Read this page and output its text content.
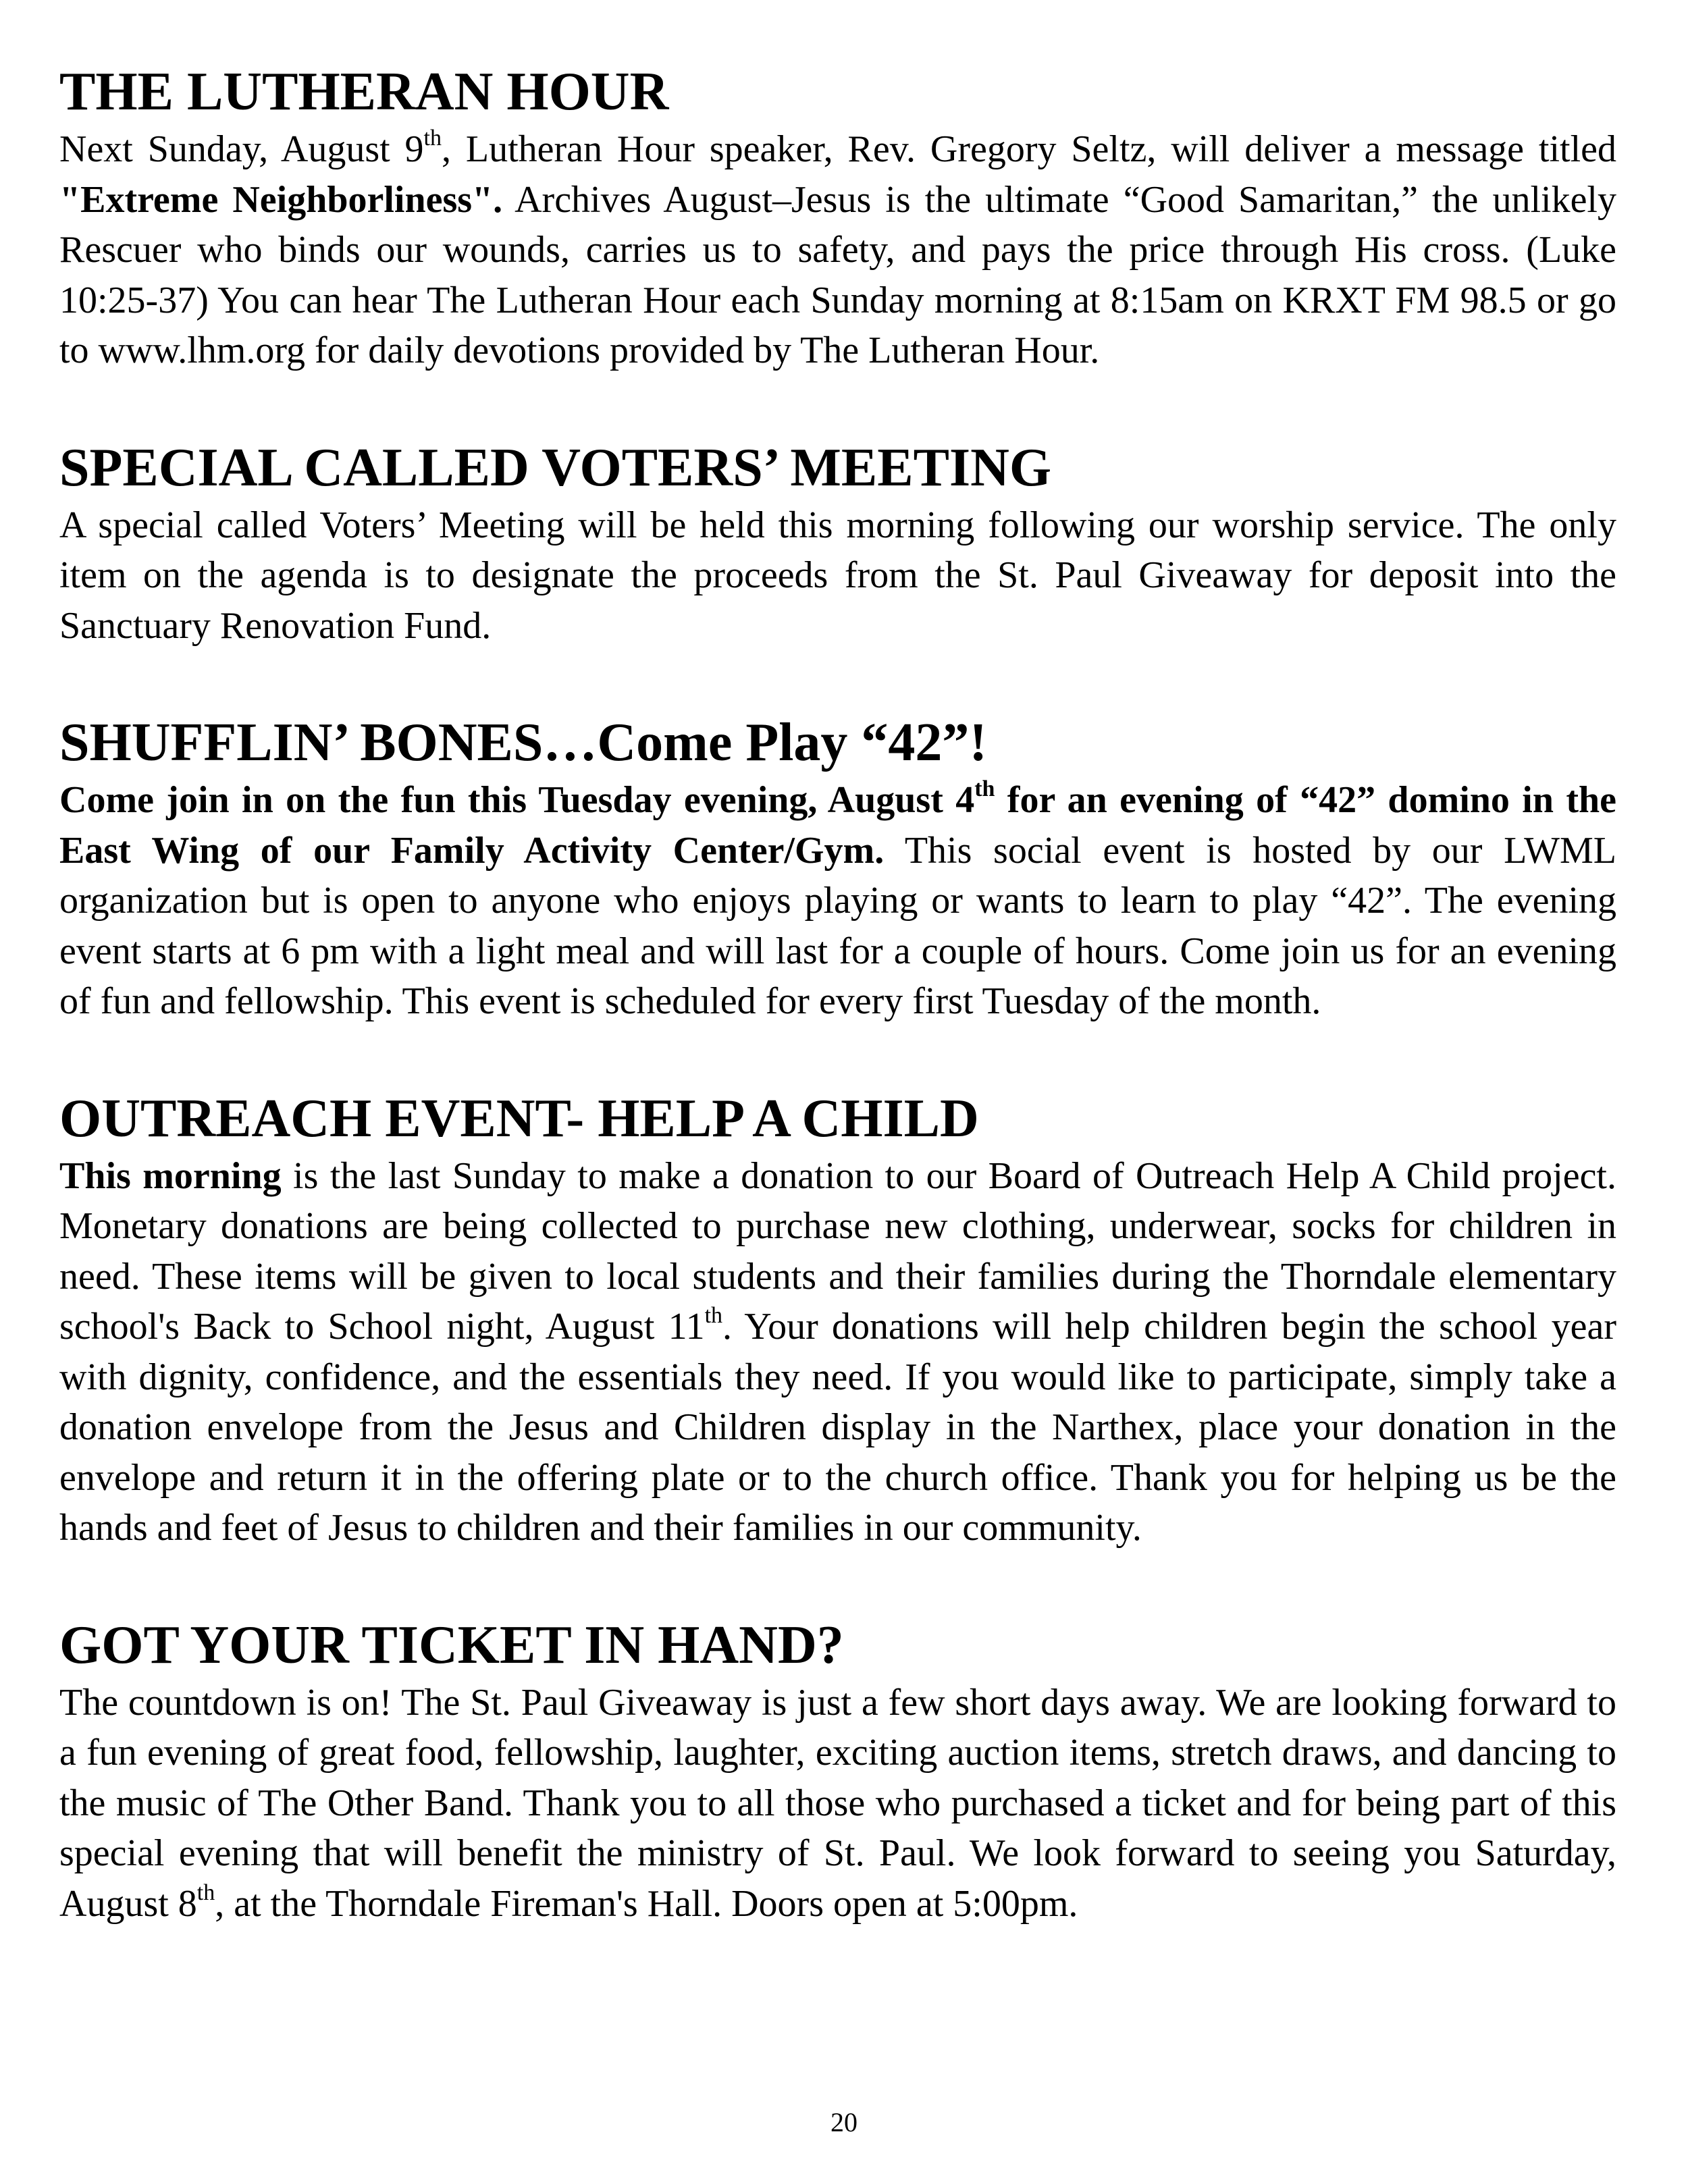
THE LUTHERAN HOUR

Next Sunday, August 9th, Lutheran Hour speaker, Rev. Gregory Seltz, will deliver a message titled "Extreme Neighborliness". Archives August–Jesus is the ultimate “Good Samaritan,” the unlikely Rescuer who binds our wounds, carries us to safety, and pays the price through His cross. (Luke 10:25-37) You can hear The Lutheran Hour each Sunday morning at 8:15am on KRXT FM 98.5 or go to www.lhm.org for daily devotions provided by The Lutheran Hour.

SPECIAL CALLED VOTERS’ MEETING

A special called Voters’ Meeting will be held this morning following our worship service. The only item on the agenda is to designate the proceeds from the St. Paul Giveaway for deposit into the Sanctuary Renovation Fund.

SHUFFLIN’ BONES…Come Play “42”!

Come join in on the fun this Tuesday evening, August 4th for an evening of “42” domino in the East Wing of our Family Activity Center/Gym. This social event is hosted by our LWML organization but is open to anyone who enjoys playing or wants to learn to play “42”. The evening event starts at 6 pm with a light meal and will last for a couple of hours. Come join us for an evening of fun and fellowship. This event is scheduled for every first Tuesday of the month.

OUTREACH EVENT- HELP A CHILD

This morning is the last Sunday to make a donation to our Board of Outreach Help A Child project. Monetary donations are being collected to purchase new clothing, underwear, socks for children in need. These items will be given to local students and their families during the Thorndale elementary school's Back to School night, August 11th. Your donations will help children begin the school year with dignity, confidence, and the essentials they need. If you would like to participate, simply take a donation envelope from the Jesus and Children display in the Narthex, place your donation in the envelope and return it in the offering plate or to the church office. Thank you for helping us be the hands and feet of Jesus to children and their families in our community.

GOT YOUR TICKET IN HAND?

The countdown is on! The St. Paul Giveaway is just a few short days away. We are looking forward to a fun evening of great food, fellowship, laughter, exciting auction items, stretch draws, and dancing to the music of The Other Band. Thank you to all those who purchased a ticket and for being part of this special evening that will benefit the ministry of St. Paul. We look forward to seeing you Saturday, August 8th, at the Thorndale Fireman's Hall. Doors open at 5:00pm.

20
